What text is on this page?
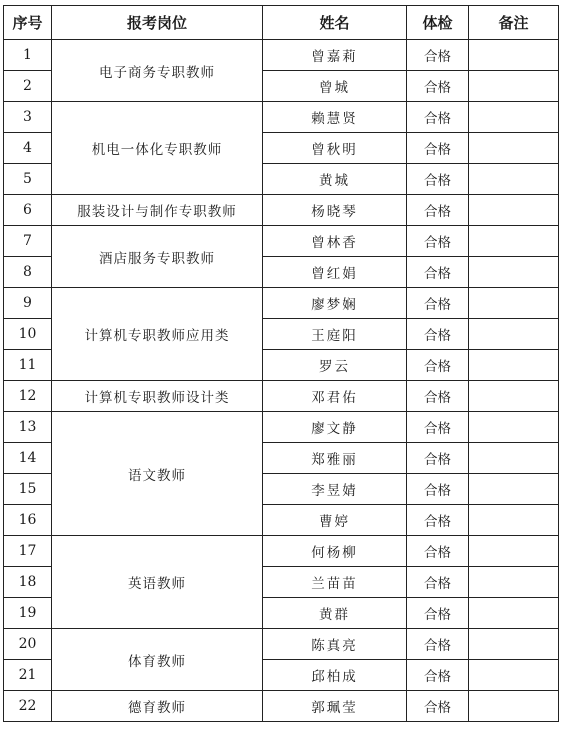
序号	报考岗位	姓名	体检	备注
1	电子商务专职教师	曾嘉莉	合格	
2		曾城	合格	
3	机电一体化专职教师	赖慧贤	合格	
4		曾秋明	合格	
5		黄城	合格	
6	服装设计与制作专职教师	杨晓琴	合格	
7	酒店服务专职教师	曾林香	合格	
8		曾红娟	合格	
9	计算机专职教师应用类	廖梦娴	合格	
10		王庭阳	合格	
11		罗云	合格	
12	计算机专职教师设计类	邓君佑	合格	
13	语文教师	廖文静	合格	
14		郑雅丽	合格	
15		李昱婧	合格	
16		曹婷	合格	
17	英语教师	何杨柳	合格	
18		兰苗苗	合格	
19		黄群	合格	
20	体育教师	陈真亮	合格	
21		邱柏成	合格	
22	德育教师	郭珮莹	合格	
